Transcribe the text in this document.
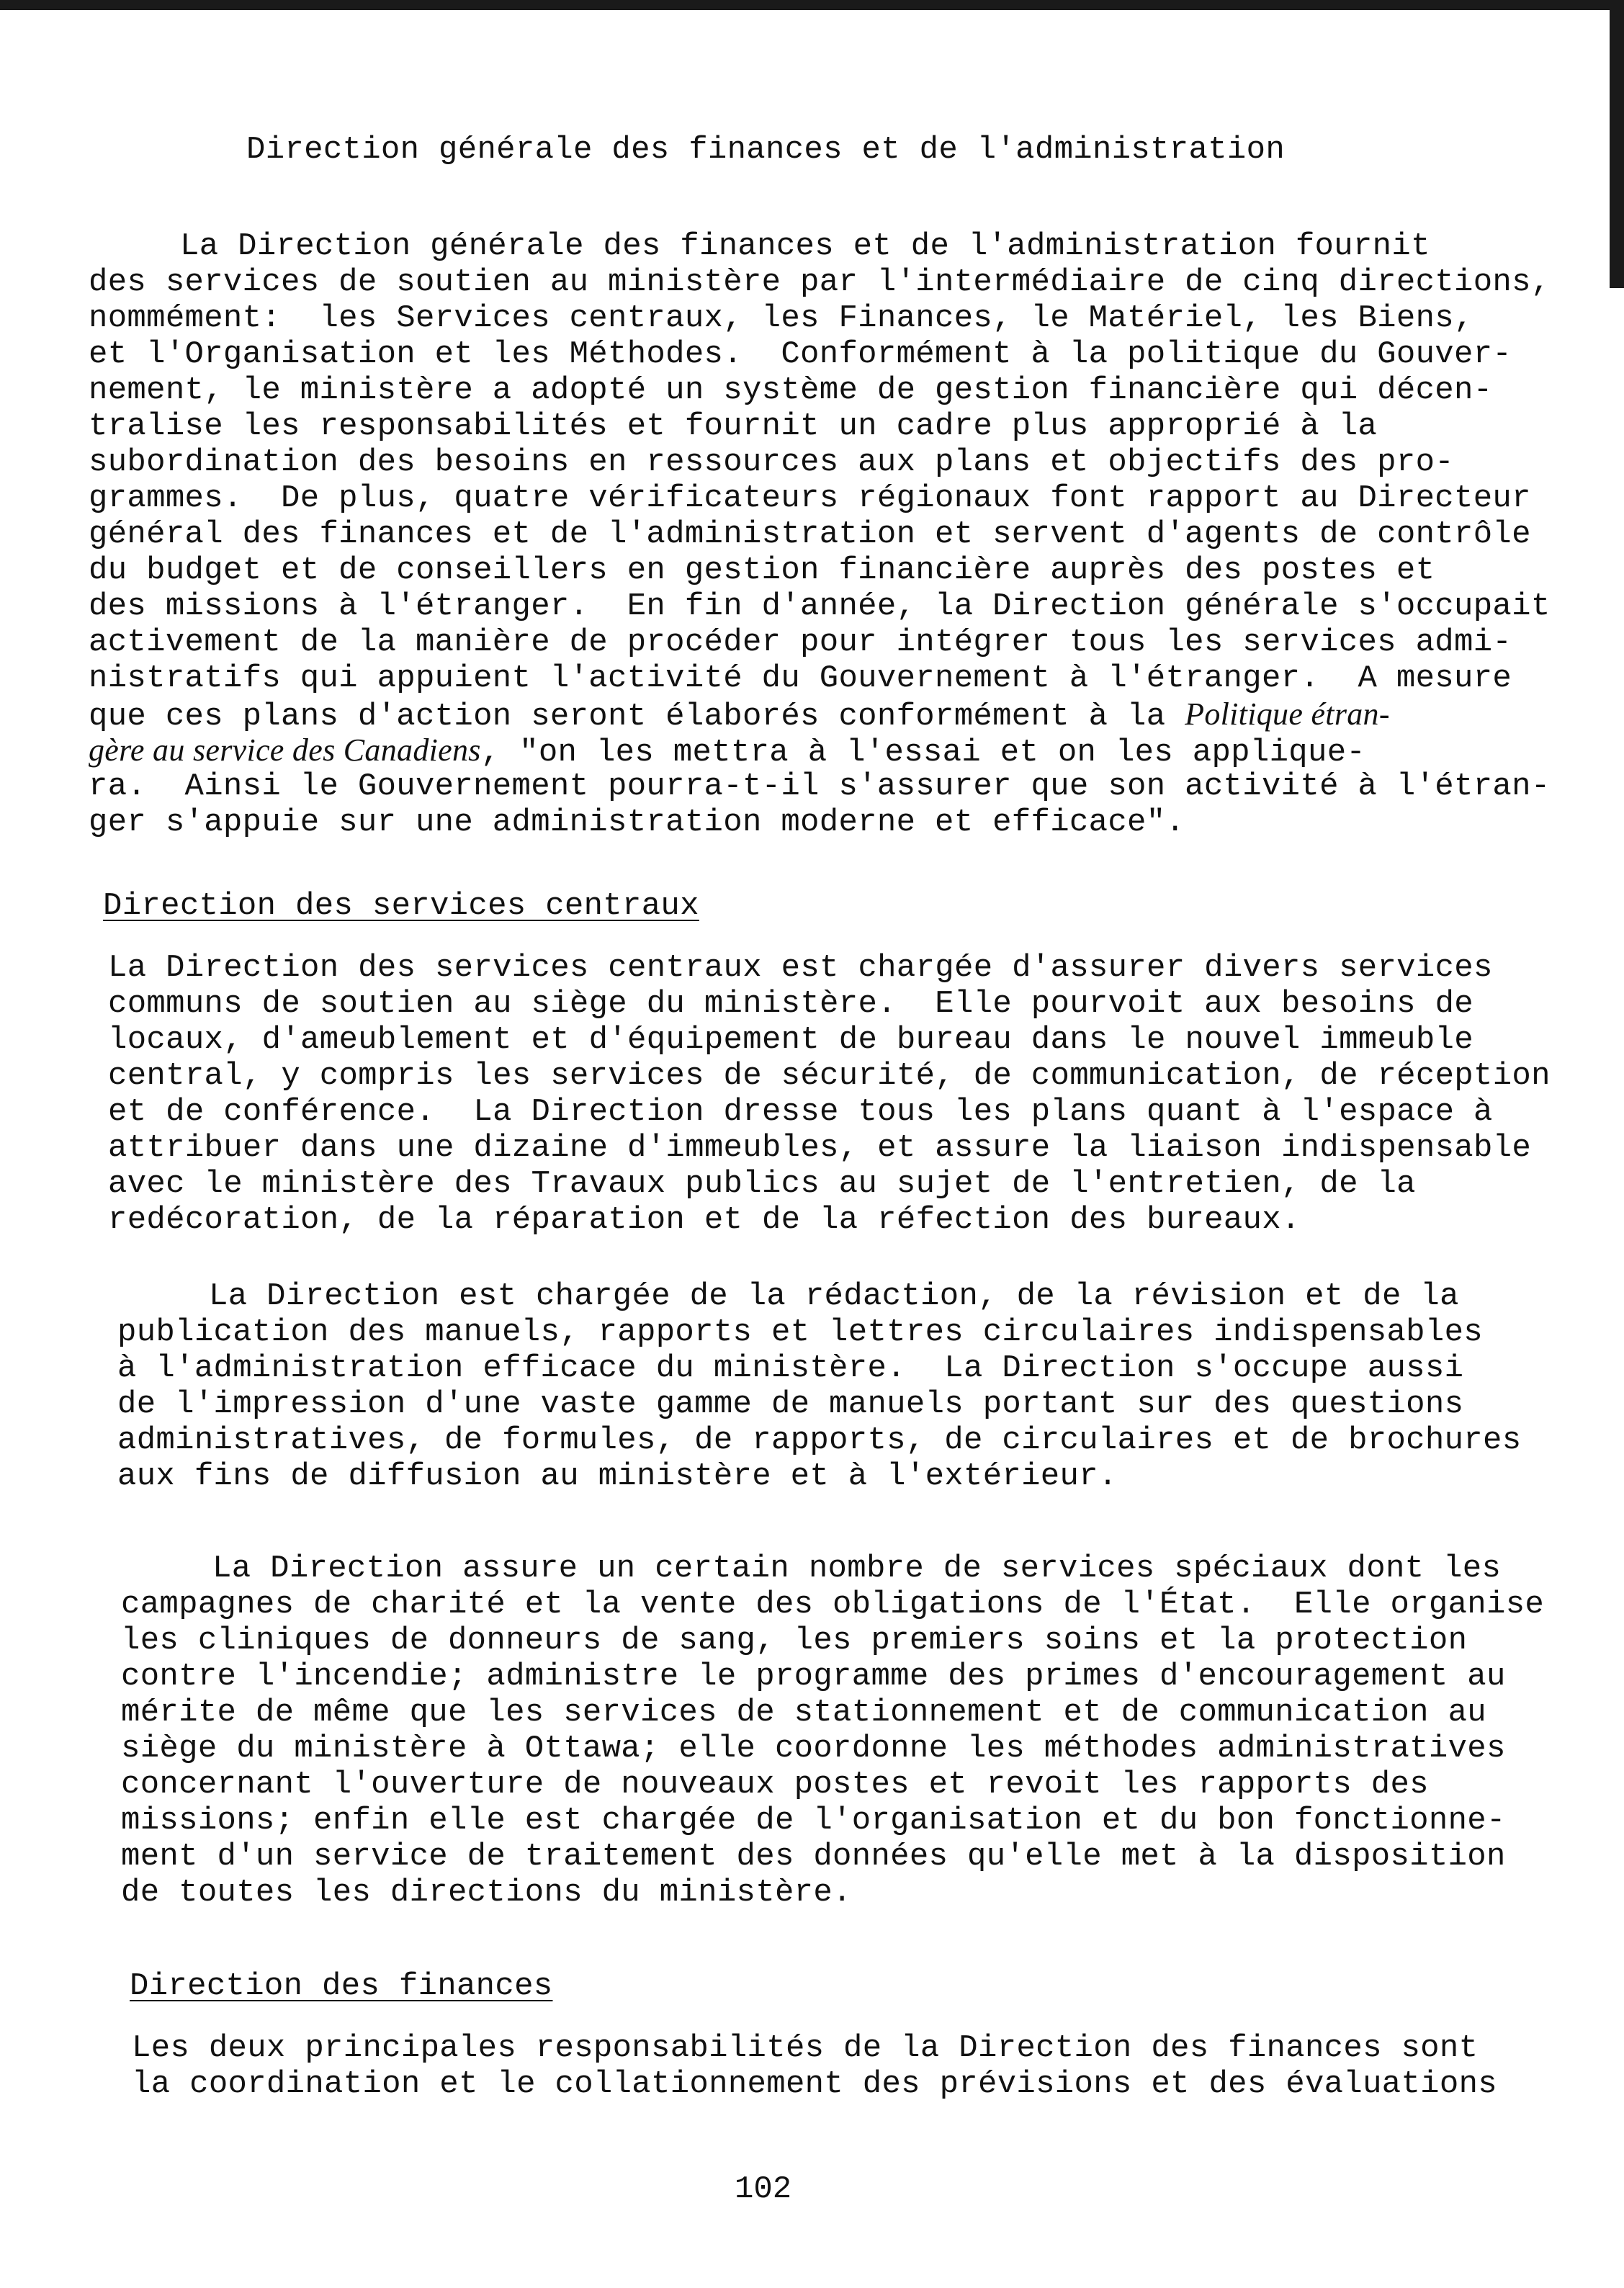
Direction générale des finances et de l'administration
La Direction générale des finances et de l'administration fournit
des services de soutien au ministère par l'intermédiaire de cinq directions,
nommément:  les Services centraux, les Finances, le Matériel, les Biens,
et l'Organisation et les Méthodes.  Conformément à la politique du Gouver-
nement, le ministère a adopté un système de gestion financière qui décen-
tralise les responsabilités et fournit un cadre plus approprié à la
subordination des besoins en ressources aux plans et objectifs des pro-
grammes.  De plus, quatre vérificateurs régionaux font rapport au Directeur
général des finances et de l'administration et servent d'agents de contrôle
du budget et de conseillers en gestion financière auprès des postes et
des missions à l'étranger.  En fin d'année, la Direction générale s'occupait
activement de la manière de procéder pour intégrer tous les services admi-
nistratifs qui appuient l'activité du Gouvernement à l'étranger.  A mesure
que ces plans d'action seront élaborés conformément à la Politique étran-
gère au service des Canadiens, "on les mettra à l'essai et on les applique-
ra.  Ainsi le Gouvernement pourra-t-il s'assurer que son activité à l'étran-
ger s'appuie sur une administration moderne et efficace".
Direction des services centraux
La Direction des services centraux est chargée d'assurer divers services
communs de soutien au siège du ministère.  Elle pourvoit aux besoins de
locaux, d'ameublement et d'équipement de bureau dans le nouvel immeuble
central, y compris les services de sécurité, de communication, de réception
et de conférence.  La Direction dresse tous les plans quant à l'espace à
attribuer dans une dizaine d'immeubles, et assure la liaison indispensable
avec le ministère des Travaux publics au sujet de l'entretien, de la
redécoration, de la réparation et de la réfection des bureaux.
La Direction est chargée de la rédaction, de la révision et de la
publication des manuels, rapports et lettres circulaires indispensables
à l'administration efficace du ministère.  La Direction s'occupe aussi
de l'impression d'une vaste gamme de manuels portant sur des questions
administratives, de formules, de rapports, de circulaires et de brochures
aux fins de diffusion au ministère et à l'extérieur.
La Direction assure un certain nombre de services spéciaux dont les
campagnes de charité et la vente des obligations de l'État.  Elle organise
les cliniques de donneurs de sang, les premiers soins et la protection
contre l'incendie; administre le programme des primes d'encouragement au
mérite de même que les services de stationnement et de communication au
siège du ministère à Ottawa; elle coordonne les méthodes administratives
concernant l'ouverture de nouveaux postes et revoit les rapports des
missions; enfin elle est chargée de l'organisation et du bon fonctionne-
ment d'un service de traitement des données qu'elle met à la disposition
de toutes les directions du ministère.
Direction des finances
Les deux principales responsabilités de la Direction des finances sont
la coordination et le collationnement des prévisions et des évaluations
102
